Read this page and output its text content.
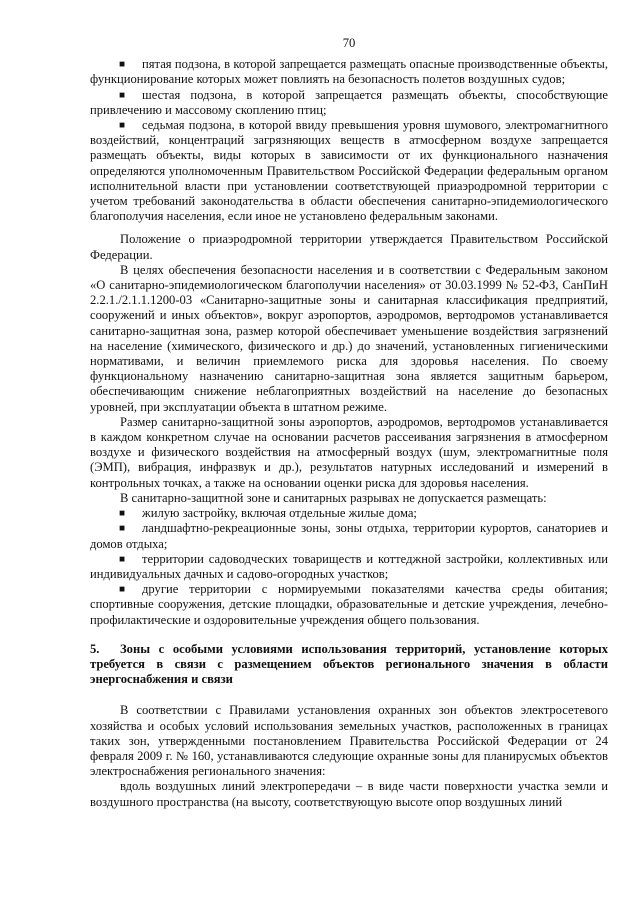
70

■ пятая подзона, в которой запрещается размещать опасные производственные объекты, функционирование которых может повлиять на безопасность полетов воздушных судов;

■ шестая подзона, в которой запрещается размещать объекты, способствующие привлечению и массовому скоплению птиц;

■ седьмая подзона, в которой ввиду превышения уровня шумового, электромагнитного воздействий, концентраций загрязняющих веществ в атмосферном воздухе запрещается размещать объекты, виды которых в зависимости от их функционального назначения определяются уполномоченным Правительством Российской Федерации федеральным органом исполнительной власти при установлении соответствующей приаэродромной территории с учетом требований законодательства в области обеспечения санитарно-эпидемиологического благополучия населения, если иное не установлено федеральным законами.

Положение о приаэродромной территории утверждается Правительством Российской Федерации.

В целях обеспечения безопасности населения и в соответствии с Федеральным законом «О санитарно-эпидемиологическом благополучии населения» от 30.03.1999 № 52-ФЗ, СанПиН 2.2.1./2.1.1.1200-03 «Санитарно-защитные зоны и санитарная классификация предприятий, сооружений и иных объектов», вокруг аэропортов, аэродромов, вертодромов устанавливается санитарно-защитная зона, размер которой обеспечивает уменьшение воздействия загрязнений на население (химического, физического и др.) до значений, установленных гигиеническими нормативами, и величин приемлемого риска для здоровья населения. По своему функциональному назначению санитарно-защитная зона является защитным барьером, обеспечивающим снижение неблагоприятных воздействий на население до безопасных уровней, при эксплуатации объекта в штатном режиме.

Размер санитарно-защитной зоны аэропортов, аэродромов, вертодромов устанавливается в каждом конкретном случае на основании расчетов рассеивания загрязнения в атмосферном воздухе и физического воздействия на атмосферный воздух (шум, электромагнитные поля (ЭМП), вибрация, инфразвук и др.), результатов натурных исследований и измерений в контрольных точках, а также на основании оценки риска для здоровья населения.

В санитарно-защитной зоне и санитарных разрывах не допускается размещать:

■ жилую застройку, включая отдельные жилые дома;

■ ландшафтно-рекреационные зоны, зоны отдыха, территории курортов, санаториев и домов отдыха;

■ территории садоводческих товариществ и коттеджной застройки, коллективных или индивидуальных дачных и садово-огородных участков;

■ другие территории с нормируемыми показателями качества среды обитания; спортивные сооружения, детские площадки, образовательные и детские учреждения, лечебно-профилактические и оздоровительные учреждения общего пользования.

5. Зоны с особыми условиями использования территорий, установление которых требуется в связи с размещением объектов регионального значения в области энергоснабжения и связи

В соответствии с Правилами установления охранных зон объектов электросетевого хозяйства и особых условий использования земельных участков, расположенных в границах таких зон, утвержденными постановлением Правительства Российской Федерации от 24 февраля 2009 г. № 160, устанавливаются следующие охранные зоны для планирусмых объектов электроснабжения регионального значения:

вдоль воздушных линий электропередачи – в виде части поверхности участка земли и воздушного пространства (на высоту, соответствующую высоте опор воздушных линий
